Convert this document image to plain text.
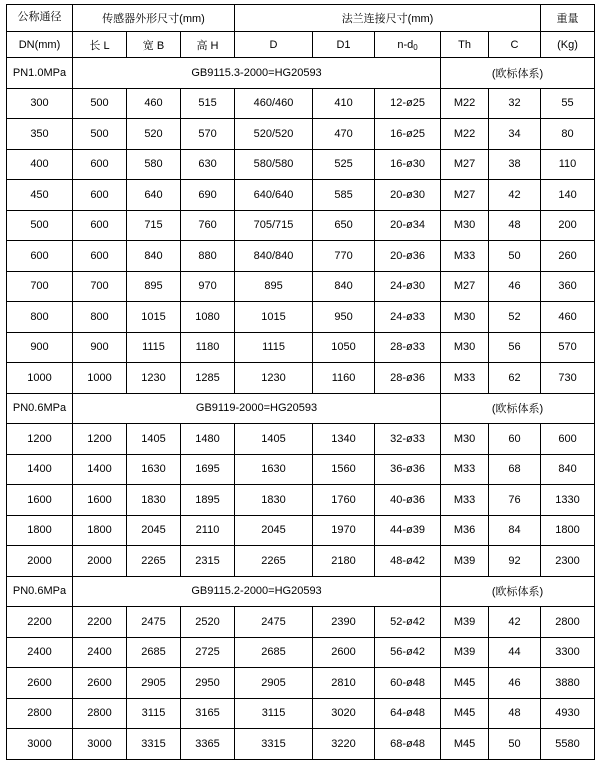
公称通径	传感器外形尺寸(mm)			法兰连接尺寸(mm)					重量
DN(mm)	长 L	宽 B	高 H	D	D1	$n-d_0$	Th	C	(Kg)
PN1.0MPa	GB9115.3-2000=HG20593						(欧标体系)		
300	500	460	515	460/460	410	12-ø25	M22	32	55
350	500	520	570	520/520	470	16-ø25	M22	34	80
400	600	580	630	580/580	525	16-ø30	M27	38	110
450	600	640	690	640/640	585	20-ø30	M27	42	140
500	600	715	760	705/715	650	20-ø34	M30	48	200
600	600	840	880	840/840	770	20-ø36	M33	50	260
700	700	895	970	895	840	24-ø30	M27	46	360
800	800	1015	1080	1015	950	24-ø33	M30	52	460
900	900	1115	1180	1115	1050	28-ø33	M30	56	570
1000	1000	1230	1285	1230	1160	28-ø36	M33	62	730
PN0.6MPa	GB9119-2000=HG20593						(欧标体系)		
1200	1200	1405	1480	1405	1340	32-ø33	M30	60	600
1400	1400	1630	1695	1630	1560	36-ø36	M33	68	840
1600	1600	1830	1895	1830	1760	40-ø36	M33	76	1330
1800	1800	2045	2110	2045	1970	44-ø39	M36	84	1800
2000	2000	2265	2315	2265	2180	48-ø42	M39	92	2300
PN0.6MPa	GB9115.2-2000=HG20593						(欧标体系)		
2200	2200	2475	2520	2475	2390	52-ø42	M39	42	2800
2400	2400	2685	2725	2685	2600	56-ø42	M39	44	3300
2600	2600	2905	2950	2905	2810	60-ø48	M45	46	3880
2800	2800	3115	3165	3115	3020	64-ø48	M45	48	4930
3000	3000	3315	3365	3315	3220	68-ø48	M45	50	5580
